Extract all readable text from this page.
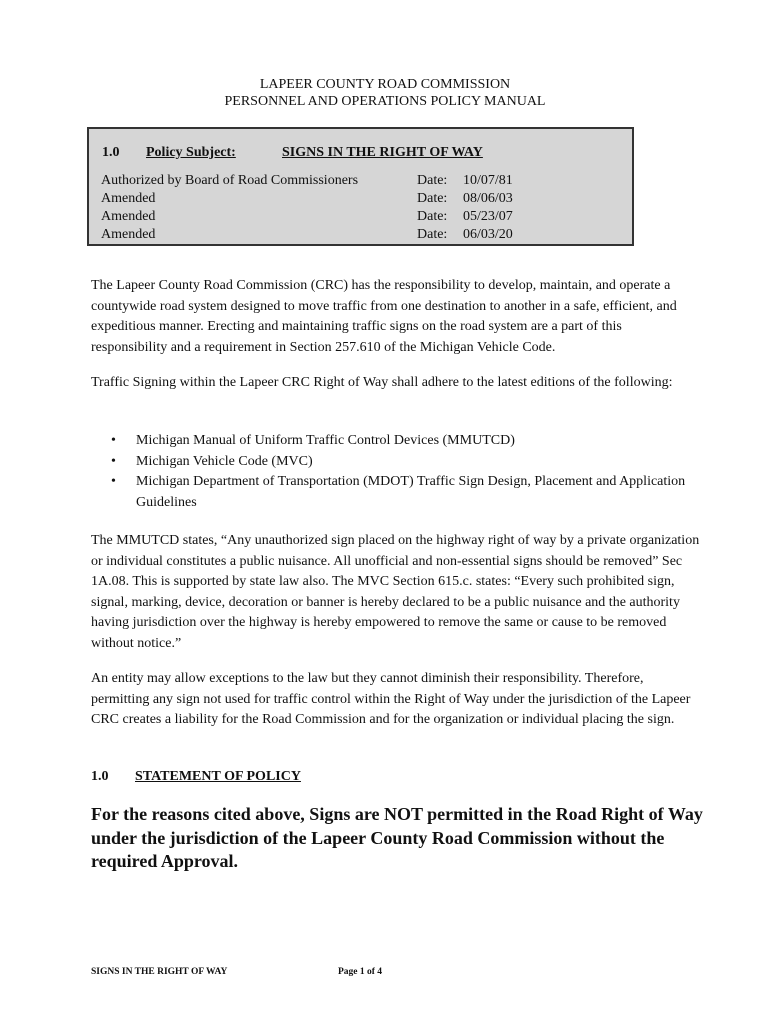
LAPEER COUNTY ROAD COMMISSION
PERSONNEL AND OPERATIONS POLICY MANUAL
1.0 Policy Subject:	SIGNS IN THE RIGHT OF WAY
Authorized by Board of Road Commissioners	Date: 10/07/81
Amended	Date: 08/06/03
Amended	Date: 05/23/07
Amended	Date: 06/03/20

The Lapeer County Road Commission (CRC) has the responsibility to develop, maintain, and operate a countywide road system designed to move traffic from one destination to another in a safe, efficient, and expeditious manner. Erecting and maintaining traffic signs on the road system are a part of this responsibility and a requirement in Section 257.610 of the Michigan Vehicle Code.

Traffic Signing within the Lapeer CRC Right of Way shall adhere to the latest editions of the following:

• Michigan Manual of Uniform Traffic Control Devices (MMUTCD)
• Michigan Vehicle Code (MVC)
• Michigan Department of Transportation (MDOT) Traffic Sign Design, Placement and Application Guidelines

The MMUTCD states, “Any unauthorized sign placed on the highway right of way by a private organization or individual constitutes a public nuisance. All unofficial and non-essential signs should be removed” Sec 1A.08. This is supported by state law also. The MVC Section 615.c. states: “Every such prohibited sign, signal, marking, device, decoration or banner is hereby declared to be a public nuisance and the authority having jurisdiction over the highway is hereby empowered to remove the same or cause to be removed without notice.”

An entity may allow exceptions to the law but they cannot diminish their responsibility. Therefore, permitting any sign not used for traffic control within the Right of Way under the jurisdiction of the Lapeer CRC creates a liability for the Road Commission and for the organization or individual placing the sign.

1.0 STATEMENT OF POLICY

For the reasons cited above, Signs are NOT permitted in the Road Right of Way under the jurisdiction of the Lapeer County Road Commission without the required Approval.

SIGNS IN THE RIGHT OF WAY	Page 1 of 4
